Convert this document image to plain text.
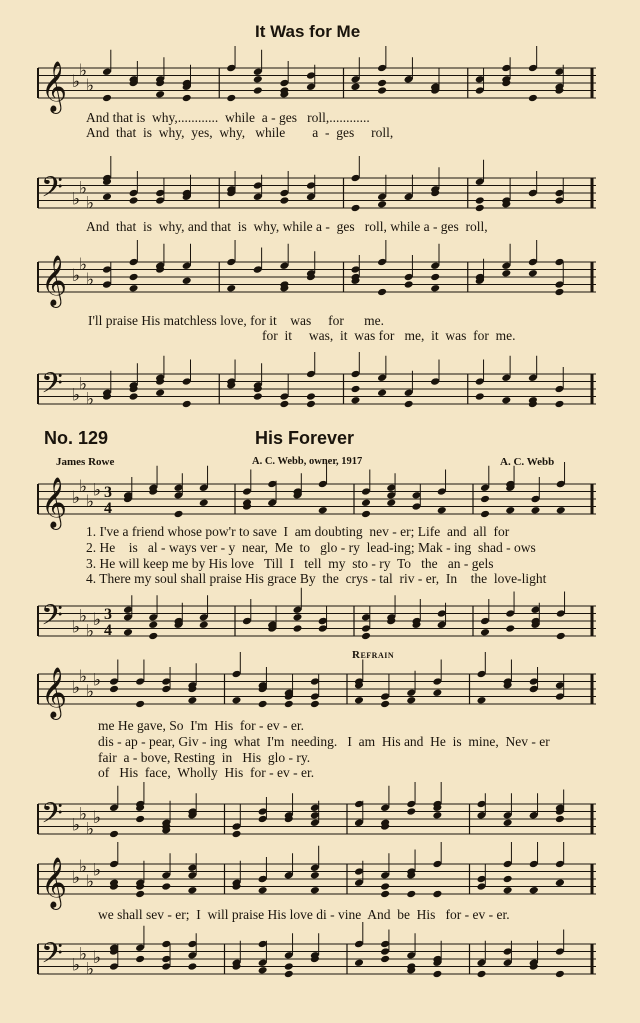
It Was for Me
𝄞 ♭
♭
♭
And that is  why,............  while  a - ges   roll,............
And  that  is  why,  yes,  why,   while        a  -  ges     roll,
𝄢 ♭
♭
♭
And  that  is  why, and that  is  why, while a -  ges   roll, while a - ges  roll,
𝄞 ♭
♭
♭
I'll praise His matchless love, for it    was     for      me.
for  it     was,  it  was for   me,  it  was  for  me.
𝄢 ♭
♭
♭
No. 129	His Forever
James Rowe	A. C. Webb, owner, 1917	A. C. Webb
𝄞 ♭
♭
♭
♭ 3
4
1. I've a friend whose pow'r to save  I  am doubting  nev - er; Life  and  all  for
2. He    is   al - ways ver - y  near,  Me  to   glo - ry  lead-ing; Mak - ing  shad - ows
3. He will keep me by His love   Till  I   tell  my  sto - ry  To   the   an - gels
4. There my soul shall praise His grace By  the  crys - tal  riv - er,  In    the  love-light
𝄢 ♭
♭
♭
♭ 3
4
Refrain
𝄞 ♭
♭
♭
♭
me He gave, So  I'm  His  for - ev - er.
dis - ap - pear, Giv - ing  what  I'm  needing.   I  am  His and  He  is  mine,  Nev - er
fair  a - bove, Resting  in   His  glo - ry.
of   His  face,  Wholly  His  for - ev - er.
𝄢 ♭
♭
♭
♭
𝄞 ♭
♭
♭
♭
we shall sev - er;  I  will praise His love di - vine  And  be  His   for - ev - er.
𝄢 ♭
♭
♭
♭
